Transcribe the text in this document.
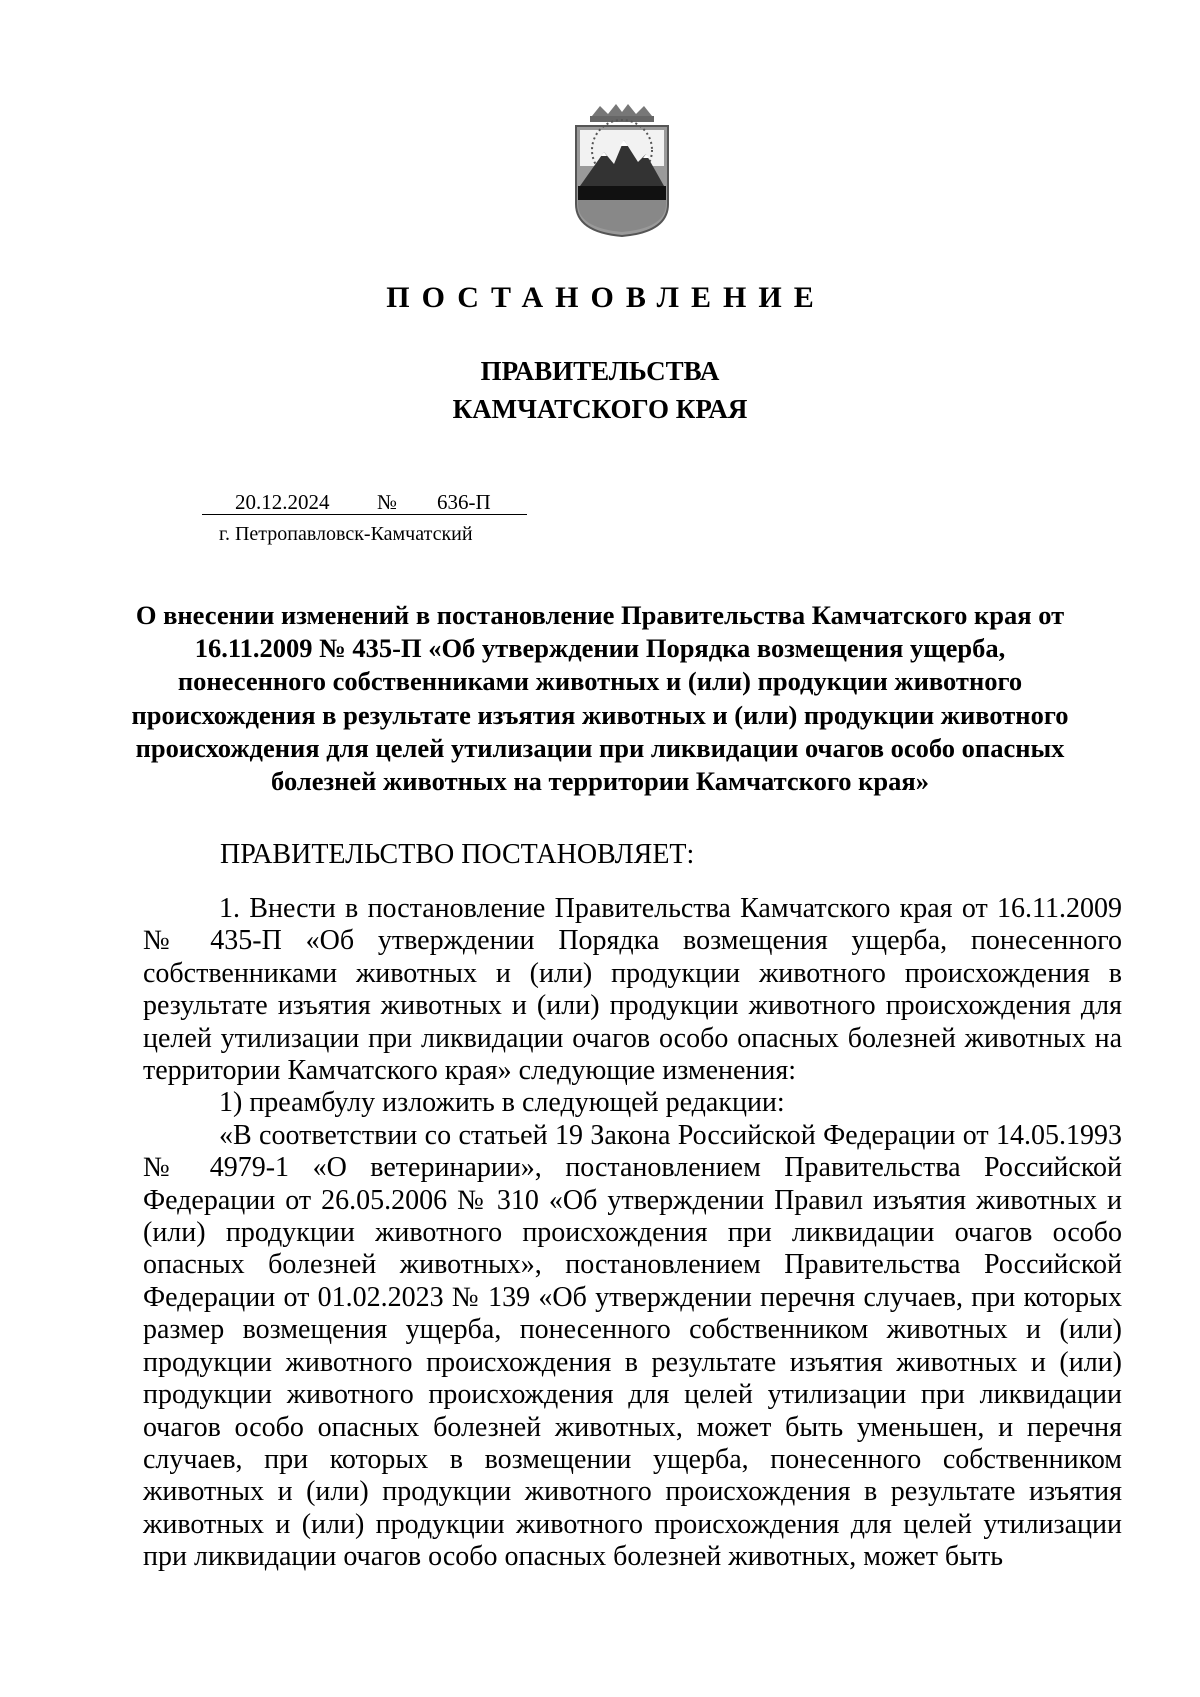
ПОСТАНОВЛЕНИЕ
ПРАВИТЕЛЬСТВА
КАМЧАТСКОГО КРАЯ
20.12.2024 № 636-П
г. Петропавловск-Камчатский
О внесении изменений в постановление Правительства Камчатского края от 16.11.2009 № 435-П «Об утверждении Порядка возмещения ущерба, понесенного собственниками животных и (или) продукции животного происхождения в результате изъятия животных и (или) продукции животного происхождения для целей утилизации при ликвидации очагов особо опасных болезней животных на территории Камчатского края»
ПРАВИТЕЛЬСТВО ПОСТАНОВЛЯЕТ:

1. Внести в постановление Правительства Камчатского края от 16.11.2009 № 435-П «Об утверждении Порядка возмещения ущерба, понесенного собственниками животных и (или) продукции животного происхождения в результате изъятия животных и (или) продукции животного происхождения для целей утилизации при ликвидации очагов особо опасных болезней животных на территории Камчатского края» следующие изменения:

1) преамбулу изложить в следующей редакции:

«В соответствии со статьей 19 Закона Российской Федерации от 14.05.1993 № 4979-1 «О ветеринарии», постановлением Правительства Российской Федерации от 26.05.2006 № 310 «Об утверждении Правил изъятия животных и (или) продукции животного происхождения при ликвидации очагов особо опасных болезней животных», постановлением Правительства Российской Федерации от 01.02.2023 № 139 «Об утверждении перечня случаев, при которых размер возмещения ущерба, понесенного собственником животных и (или) продукции животного происхождения в результате изъятия животных и (или) продукции животного происхождения для целей утилизации при ликвидации очагов особо опасных болезней животных, может быть уменьшен, и перечня случаев, при которых в возмещении ущерба, понесенного собственником животных и (или) продукции животного происхождения в результате изъятия животных и (или) продукции животного происхождения для целей утилизации при ликвидации очагов особо опасных болезней животных, может быть
